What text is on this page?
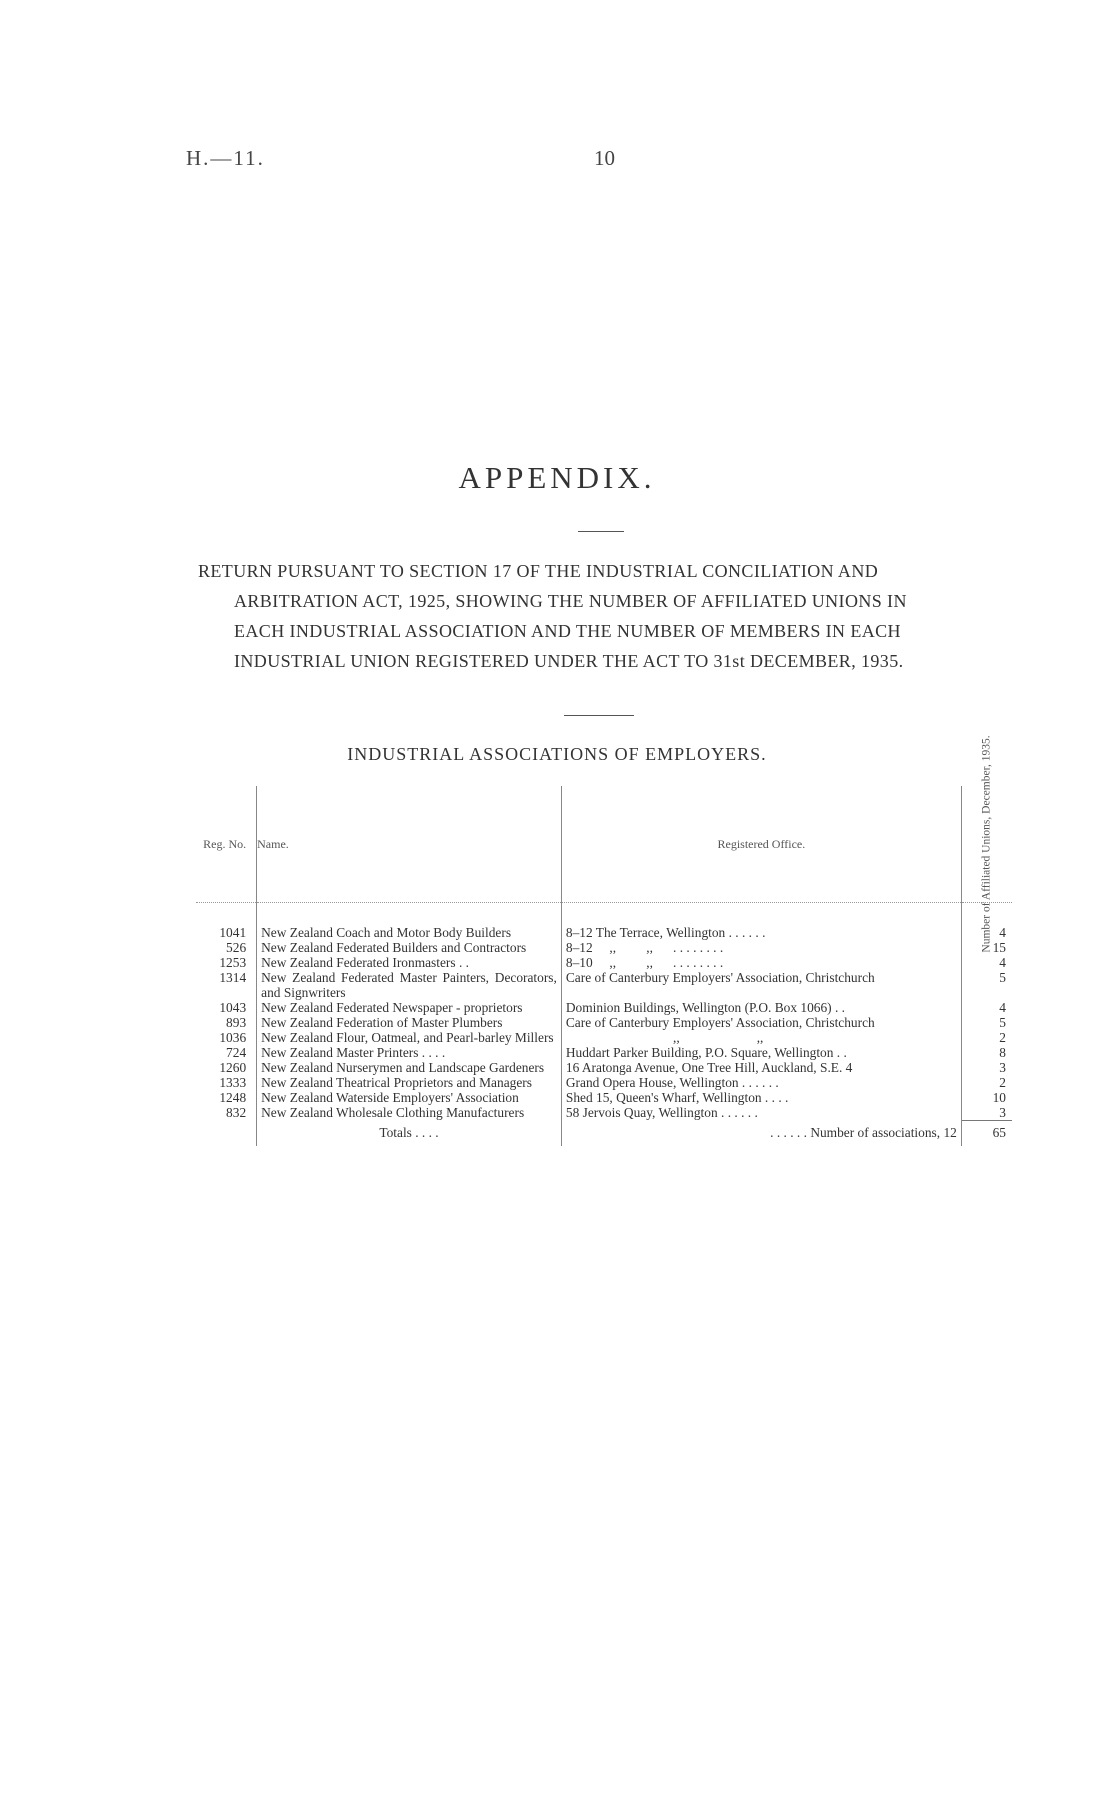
H.—11.	10
APPENDIX.
RETURN PURSUANT TO SECTION 17 OF THE INDUSTRIAL CONCILIATION AND
ARBITRATION ACT, 1925, SHOWING THE NUMBER OF AFFILIATED UNIONS IN
EACH INDUSTRIAL ASSOCIATION AND THE NUMBER OF MEMBERS IN EACH
INDUSTRIAL UNION REGISTERED UNDER THE ACT TO 31st DECEMBER, 1935.
INDUSTRIAL ASSOCIATIONS OF EMPLOYERS.
Reg. No.	Name.	Registered Office.	Number of Affiliated Unions, December, 1935.

1041	New Zealand Coach and Motor Body Builders	8–12 The Terrace, Wellington . . . . . .	4
526	New Zealand Federated Builders and Contractors	8–12     ,,         ,,      . . . . . . . .	15
1253	New Zealand Federated Ironmasters . .	8–10     ,,         ,,      . . . . . . . .	4
1314	New Zealand Federated Master Painters, Decorators, and Signwriters	Care of Canterbury Employers' Association, Christchurch	5
1043	New Zealand Federated Newspaper - proprietors	Dominion Buildings, Wellington (P.O. Box 1066) . .	4
893	New Zealand Federation of Master Plumbers	Care of Canterbury Employers' Association, Christchurch	5
1036	New Zealand Flour, Oatmeal, and Pearl-barley Millers	,,                       ,,	2
724	New Zealand Master Printers . . . .	Huddart Parker Building, P.O. Square, Wellington . .	8
1260	New Zealand Nurserymen and Landscape Gardeners	16 Aratonga Avenue, One Tree Hill, Auckland, S.E. 4	3
1333	New Zealand Theatrical Proprietors and Managers	Grand Opera House, Wellington . . . . . .	2
1248	New Zealand Waterside Employers' Association	Shed 15, Queen's Wharf, Wellington . . . .	10
832	New Zealand Wholesale Clothing Manufacturers	58 Jervois Quay, Wellington . . . . . .	3
	Totals . . . .	. . . . . . Number of associations, 12	65
